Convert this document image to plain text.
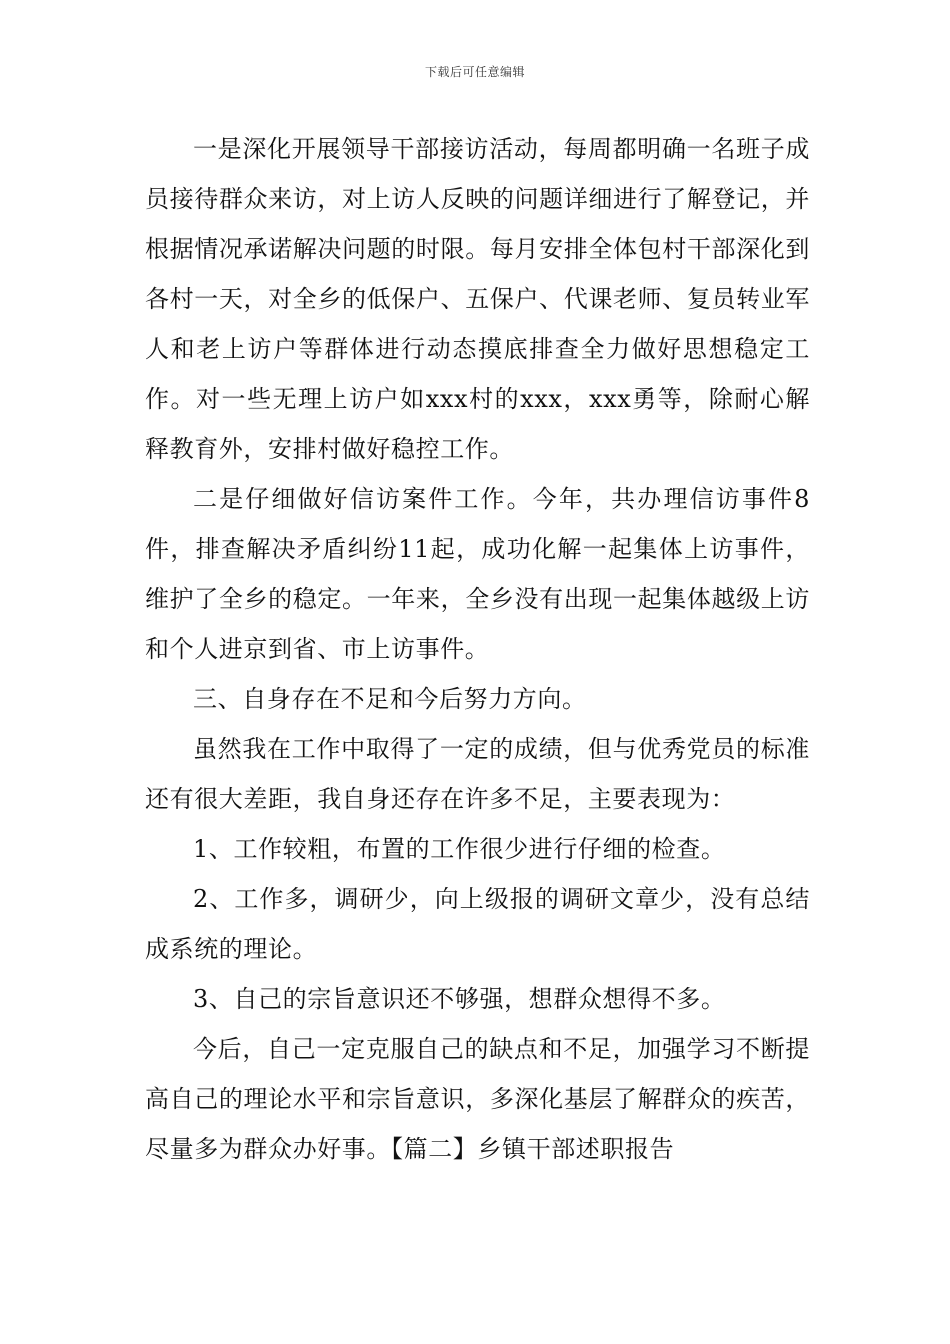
下载后可任意编辑

一是深化开展领导干部接访活动，每周都明确一名班子成员接待群众来访，对上访人反映的问题详细进行了解登记，并根据情况承诺解决问题的时限。每月安排全体包村干部深化到各村一天，对全乡的低保户、五保户、代课老师、复员转业军人和老上访户等群体进行动态摸底排查全力做好思想稳定工作。对一些无理上访户如xxx村的xxx，xxx勇等，除耐心解释教育外，安排村做好稳控工作。

二是仔细做好信访案件工作。今年，共办理信访事件8件，排查解决矛盾纠纷11起，成功化解一起集体上访事件，维护了全乡的稳定。一年来，全乡没有出现一起集体越级上访和个人进京到省、市上访事件。

三、自身存在不足和今后努力方向。

虽然我在工作中取得了一定的成绩，但与优秀党员的标准还有很大差距，我自身还存在许多不足，主要表现为：

1、工作较粗，布置的工作很少进行仔细的检查。

2、工作多，调研少，向上级报的调研文章少，没有总结成系统的理论。

3、自己的宗旨意识还不够强，想群众想得不多。

今后，自己一定克服自己的缺点和不足，加强学习不断提高自己的理论水平和宗旨意识，多深化基层了解群众的疾苦，尽量多为群众办好事。【篇二】乡镇干部述职报告
